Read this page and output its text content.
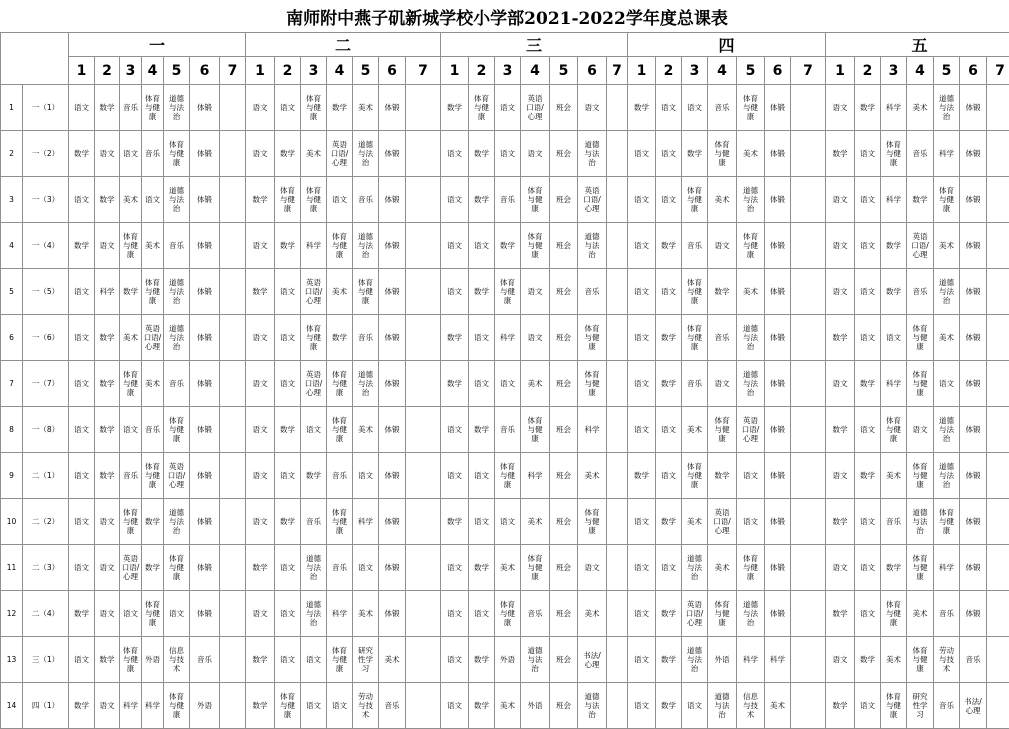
南师附中燕子矶新城学校小学部2021-2022学年度总课表																																				
		一							二							三							四							五						
		1	2	3	4	5	6	7	1	2	3	4	5	6	7	1	2	3	4	5	6	7	1	2	3	4	5	6	7	1	2	3	4	5	6	7
1	一（1）	语文	数学	音乐	体育与健康	道德与法治	体锻		语文	语文	体育与健康	数学	美术	体锻		数学	体育与健康	语文	英语口语/心理	班会	语文		数学	语文	语文	音乐	体育与健康	体锻		语文	数学	科学	美术	道德与法治	体锻	
2	一（2）	数学	语文	语文	音乐	体育与健康	体锻		语文	数学	美术	英语口语/心理	道德与法治	体锻		语文	数学	语文	语文	班会	道德与法治		语文	语文	数学	体育与健康	美术	体锻		数学	语文	体育与健康	音乐	科学	体锻	
3	一（3）	语文	数学	美术	语文	道德与法治	体锻		数学	体育与健康	体育与健康	语文	音乐	体锻		语文	数学	音乐	体育与健康	班会	英语口语/心理		语文	语文	体育与健康	美术	道德与法治	体锻		语文	语文	科学	数学	体育与健康	体锻	
4	一（4）	数学	语文	体育与健康	美术	音乐	体锻		语文	数学	科学	体育与健康	道德与法治	体锻		语文	语文	数学	体育与健康	班会	道德与法治		语文	数学	音乐	语文	体育与健康	体锻		语文	语文	数学	英语口语/心理	美术	体锻	
5	一（5）	语文	科学	数学	体育与健康	道德与法治	体锻		数学	语文	英语口语/心理	美术	体育与健康	体锻		语文	数学	体育与健康	语文	班会	音乐		语文	语文	体育与健康	数学	美术	体锻		语文	语文	数学	音乐	道德与法治	体锻	
6	一（6）	语文	数学	美术	英语口语/心理	道德与法治	体锻		语文	语文	体育与健康	数学	音乐	体锻		数学	语文	科学	语文	班会	体育与健康		语文	数学	体育与健康	音乐	道德与法治	体锻		数学	语文	语文	体育与健康	美术	体锻	
7	一（7）	语文	数学	体育与健康	美术	音乐	体锻		语文	语文	英语口语/心理	体育与健康	道德与法治	体锻		数学	语文	语文	美术	班会	体育与健康		语文	数学	音乐	语文	道德与法治	体锻		语文	数学	科学	体育与健康	语文	体锻	
8	一（8）	语文	数学	语文	音乐	体育与健康	体锻		语文	数学	语文	体育与健康	美术	体锻		语文	数学	音乐	体育与健康	班会	科学		语文	语文	美术	体育与健康	英语口语/心理	体锻		数学	语文	体育与健康	语文	道德与法治	体锻	
9	二（1）	语文	数学	音乐	体育与健康	英语口语/心理	体锻		语文	语文	数学	音乐	语文	体锻		语文	语文	体育与健康	科学	班会	美术		数学	语文	体育与健康	数学	语文	体锻		语文	数学	美术	体育与健康	道德与法治	体锻	
10	二（2）	语文	语文	体育与健康	数学	道德与法治	体锻		语文	数学	音乐	体育与健康	科学	体锻		数学	语文	语文	美术	班会	体育与健康		语文	数学	美术	英语口语/心理	语文	体锻		数学	语文	音乐	道德与法治	体育与健康	体锻	
11	二（3）	语文	语文	英语口语/心理	数学	体育与健康	体锻		数学	语文	道德与法治	音乐	语文	体锻		语文	数学	美术	体育与健康	班会	语文		语文	语文	道德与法治	美术	体育与健康	体锻		语文	语文	数学	体育与健康	科学	体锻	
12	二（4）	数学	语文	语文	体育与健康	语文	体锻		语文	语文	道德与法治	科学	美术	体锻		语文	语文	体育与健康	音乐	班会	美术		语文	数学	英语口语/心理	体育与健康	道德与法治	体锻		数学	语文	体育与健康	美术	音乐	体锻	
13	三（1）	语文	数学	体育与健康	外语	信息与技术	音乐		数学	语文	语文	体育与健康	研究性学习	美术		语文	数学	外语	道德与法治	班会	书法/心理		语文	数学	道德与法治	外语	科学	科学		语文	数学	美术	体育与健康	劳动与技术	音乐	
14	四（1）	数学	语文	科学	科学	体育与健康	外语		数学	体育与健康	语文	语文	劳动与技术	音乐		语文	数学	美术	外语	班会	道德与法治		语文	数学	语文	道德与法治	信息与技术	美术		数学	语文	体育与健康	研究性学习	音乐	书法/心理	
